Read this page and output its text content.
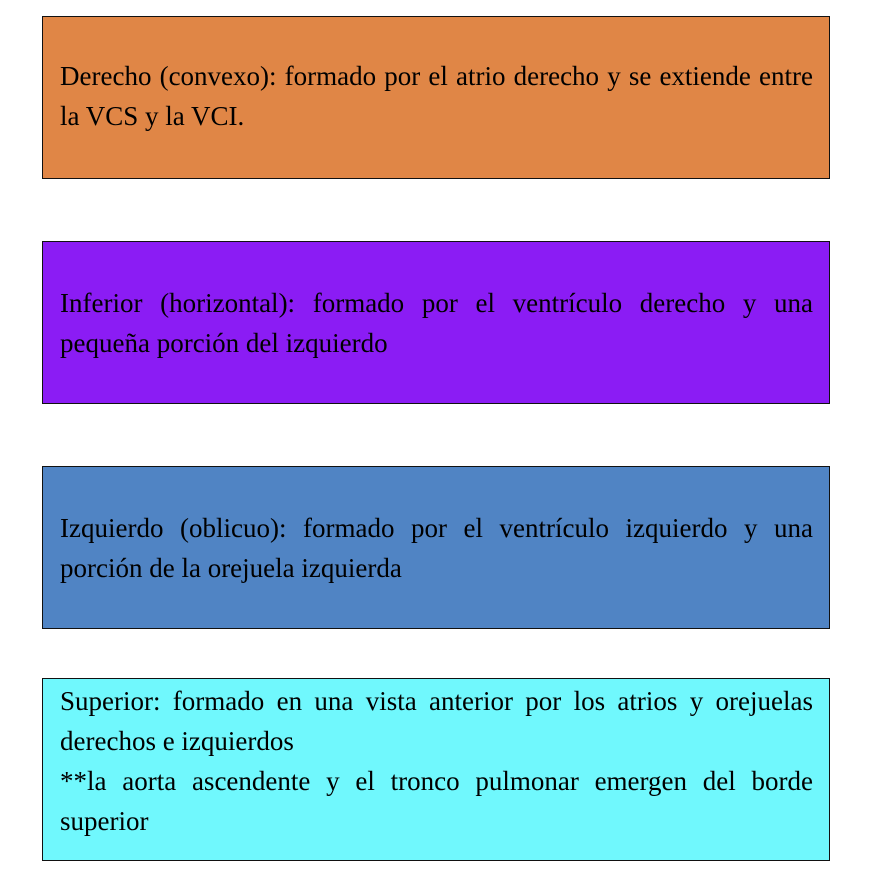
Derecho (convexo): formado por el atrio derecho y se extiende entre la VCS y la VCI.

Inferior (horizontal): formado por el ventrículo derecho y una pequeña porción del izquierdo

Izquierdo (oblicuo): formado por el ventrículo izquierdo y una porción de la orejuela izquierda

Superior: formado en una vista anterior por los atrios y orejuelas derechos e izquierdos

**la aorta ascendente y el tronco pulmonar emergen del borde superior
